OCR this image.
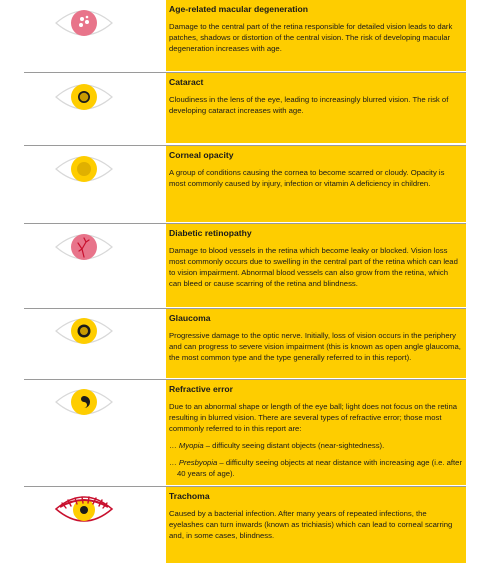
Age-related macular degeneration

Damage to the central part of the retina responsible for detailed vision leads to dark patches, shadows or distortion of the central vision. The risk of developing macular degeneration increases with age.

Cataract

Cloudiness in the lens of the eye, leading to increasingly blurred vision. The risk of developing cataract increases with age.

Corneal opacity

A group of conditions causing the cornea to become scarred or cloudy. Opacity is most commonly caused by injury, infection or vitamin A deficiency in children.

Diabetic retinopathy

Damage to blood vessels in the retina which become leaky or blocked. Vision loss most commonly occurs due to swelling in the central part of the retina which can lead to vision impairment. Abnormal blood vessels can also grow from the retina, which can bleed or cause scarring of the retina and blindness.

Glaucoma

Progressive damage to the optic nerve. Initially, loss of vision occurs in the periphery and can progress to severe vision impairment (this is known as open angle glaucoma, the most common type and the type generally referred to in this report).

Refractive error

Due to an abnormal shape or length of the eye ball; light does not focus on the retina resulting in blurred vision. There are several types of refractive error; those most commonly referred to in this report are:

… Myopia – difficulty seeing distant objects (near-sightedness).

… Presbyopia – difficulty seeing objects at near distance with increasing age (i.e. after 40 years of age).

Trachoma

Caused by a bacterial infection. After many years of repeated infections, the eyelashes can turn inwards (known as trichiasis) which can lead to corneal scarring and, in some cases, blindness.
